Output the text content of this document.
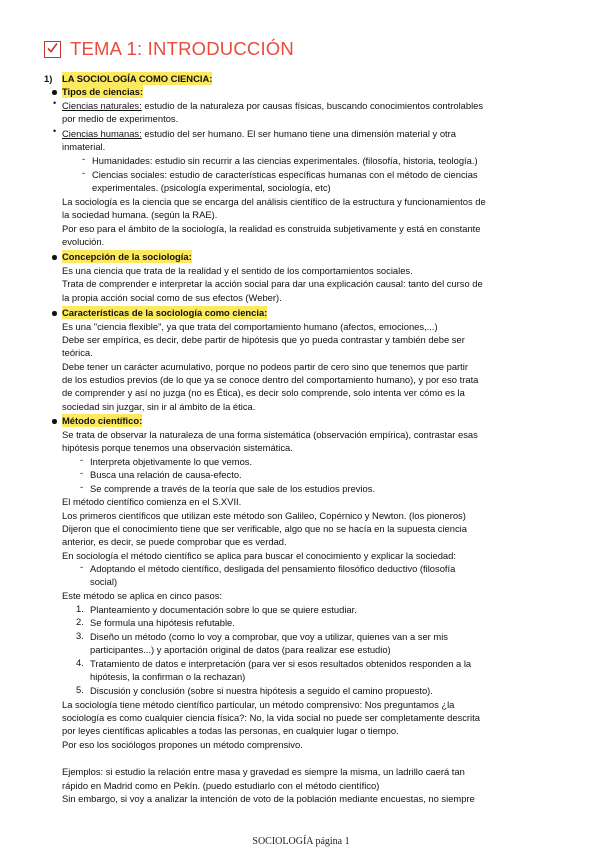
TEMA 1: INTRODUCCIÓN
1) LA SOCIOLOGÍA COMO CIENCIA:
Tipos de ciencias:
• Ciencias naturales: estudio de la naturaleza por causas físicas, buscando conocimientos controlables
por medio de experimentos.
• Ciencias humanas: estudio del ser humano. El ser humano tiene una dimensión material y otra
inmaterial.
- Humanidades: estudio sin recurrir a las ciencias experimentales. (filosofía, historia, teología.)
- Ciencias sociales: estudio de características específicas humanas con el método de ciencias
experimentales. (psicología experimental, sociología, etc)
La sociología es la ciencia que se encarga del análisis científico de la estructura y funcionamientos de
la sociedad humana. (según la RAE).
Por eso para el ámbito de la sociología, la realidad es construida subjetivamente y está en constante
evolución.
Concepción de la sociología:
Es una ciencia que trata de la realidad y el sentido de los comportamientos sociales.
Trata de comprender e interpretar la acción social para dar una explicación causal: tanto del curso de
la propia acción social como de sus efectos (Weber).
Características de la sociología como ciencia:
Es una "ciencia flexible", ya que trata del comportamiento humano (afectos, emociones,...)
Debe ser empírica, es decir, debe partir de hipótesis que yo pueda contrastar y también debe ser
teórica.
Debe tener un carácter acumulativo, porque no podeos partir de cero sino que tenemos que partir
de los estudios previos (de lo que ya se conoce dentro del comportamiento humano), y por eso trata
de comprender y así no juzga (no es Ética), es decir solo comprende, solo intenta ver cómo es la
sociedad sin juzgar, sin ir al ámbito de la ética.
Método científico:
Se trata de observar la naturaleza de una forma sistemática (observación empírica), contrastar esas
hipótesis porque tenemos una observación sistemática.
- Interpreta objetivamente lo que vemos.
- Busca una relación de causa-efecto.
- Se comprende a través de la teoría que sale de los estudios previos.
El método científico comienza en el S.XVII.
Los primeros científicos que utilizan este método son Galileo, Copérnico y Newton. (los pioneros)
Dijeron que el conocimiento tiene que ser verificable, algo que no se hacía en la supuesta ciencia
anterior, es decir, se puede comprobar que es verdad.
En sociología el método científico se aplica para buscar el conocimiento y explicar la sociedad:
- Adoptando el método científico, desligada del pensamiento filosófico deductivo (filosofía
social)
Este método se aplica en cinco pasos:
1. Planteamiento y documentación sobre lo que se quiere estudiar.
2. Se formula una hipótesis refutable.
3. Diseño un método (como lo voy a comprobar, que voy a utilizar, quienes van a ser mis
participantes...) y aportación original de datos (para realizar ese estudio)
4. Tratamiento de datos e interpretación (para ver si esos resultados obtenidos responden a la
hipótesis, la confirman o la rechazan)
5. Discusión y conclusión (sobre si nuestra hipótesis a seguido el camino propuesto).
La sociología tiene método científico particular, un método comprensivo: Nos preguntamos ¿la
sociología es como cualquier ciencia física?: No, la vida social no puede ser completamente descrita
por leyes científicas aplicables a todas las personas, en cualquier lugar o tiempo.
Por eso los sociólogos propones un método comprensivo.
Ejemplos: si estudio la relación entre masa y gravedad es siempre la misma, un ladrillo caerá tan
rápido en Madrid como en Pekín. (puedo estudiarlo con el método científico)
Sin embargo, si voy a analizar la intención de voto de la población mediante encuestas, no siempre
SOCIOLOGÍA página 1
